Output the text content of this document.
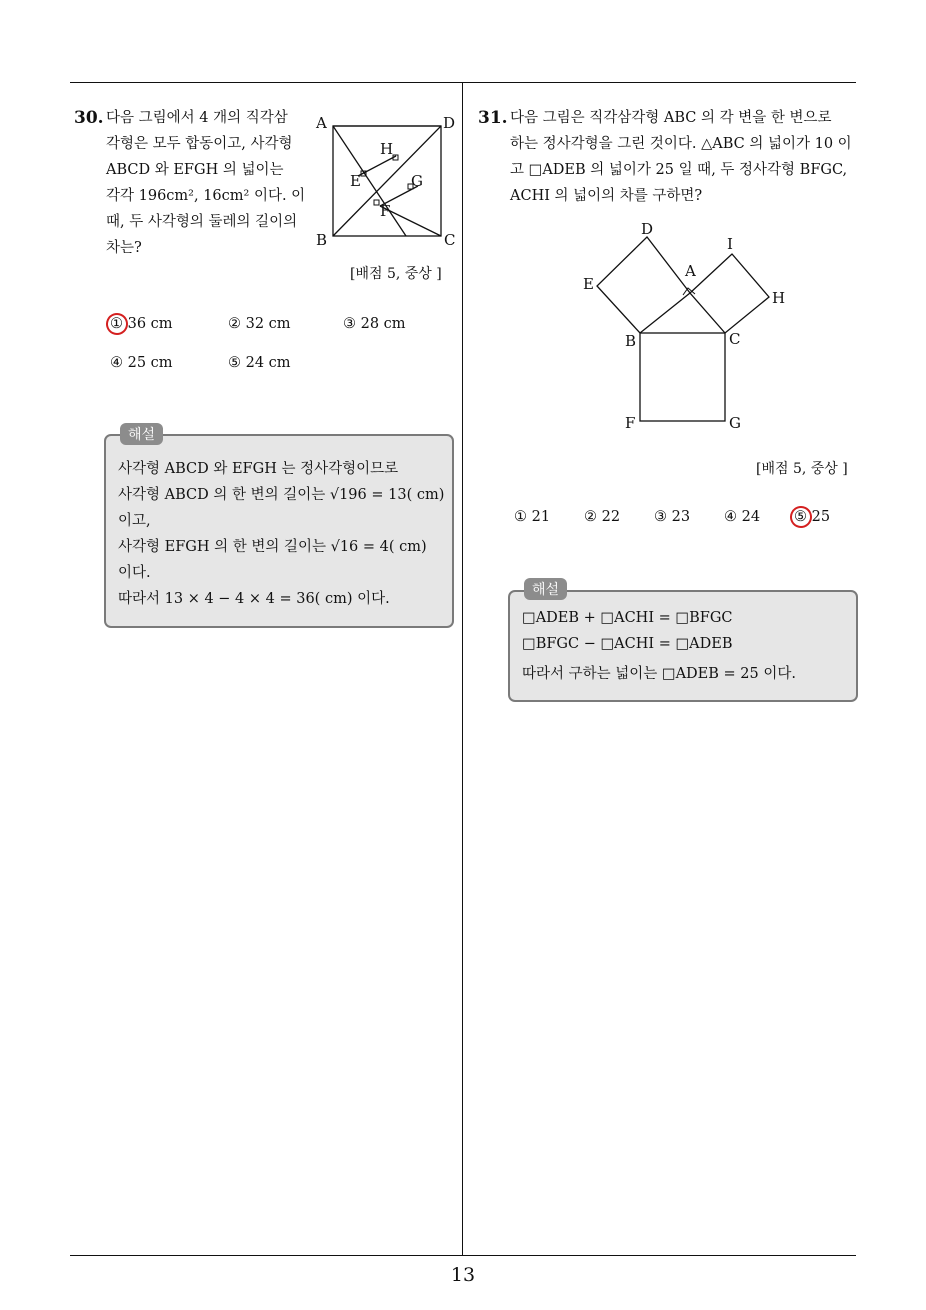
13
30. 다음 그림에서 4 개의 직각삼
각형은 모두 합동이고, 사각형
ABCD 와 EFGH 의 넓이는
각각 196cm², 16cm² 이다. 이
때, 두 사각형의 둘레의 길이의
차는?
A	D
B	C
H
E	G
F
[배점 5, 중상 ]
① 36 cm	② 32 cm	③ 28 cm
④ 25 cm	⑤ 24 cm
해설
사각형 ABCD 와 EFGH 는 정사각형이므로
사각형 ABCD 의 한 변의 길이는 √196 = 13( cm)
이고,
사각형 EFGH 의 한 변의 길이는 √16 = 4( cm)
이다.
따라서 13 × 4 − 4 × 4 = 36( cm) 이다.
31. 다음 그림은 직각삼각형 ABC 의 각 변을 한 변으로
하는 정사각형을 그린 것이다. △ABC 의 넓이가 10 이
고 □ADEB 의 넓이가 25 일 때, 두 정사각형 BFGC,
ACHI 의 넓이의 차를 구하면?
D
I
A
E
H
B	C
F	G
[배점 5, 중상 ]
① 21 ② 22 ③ 23 ④ 24 ⑤ 25
해설
□ADEB + □ACHI = □BFGC
□BFGC − □ACHI = □ADEB
따라서 구하는 넓이는 □ADEB = 25 이다.
